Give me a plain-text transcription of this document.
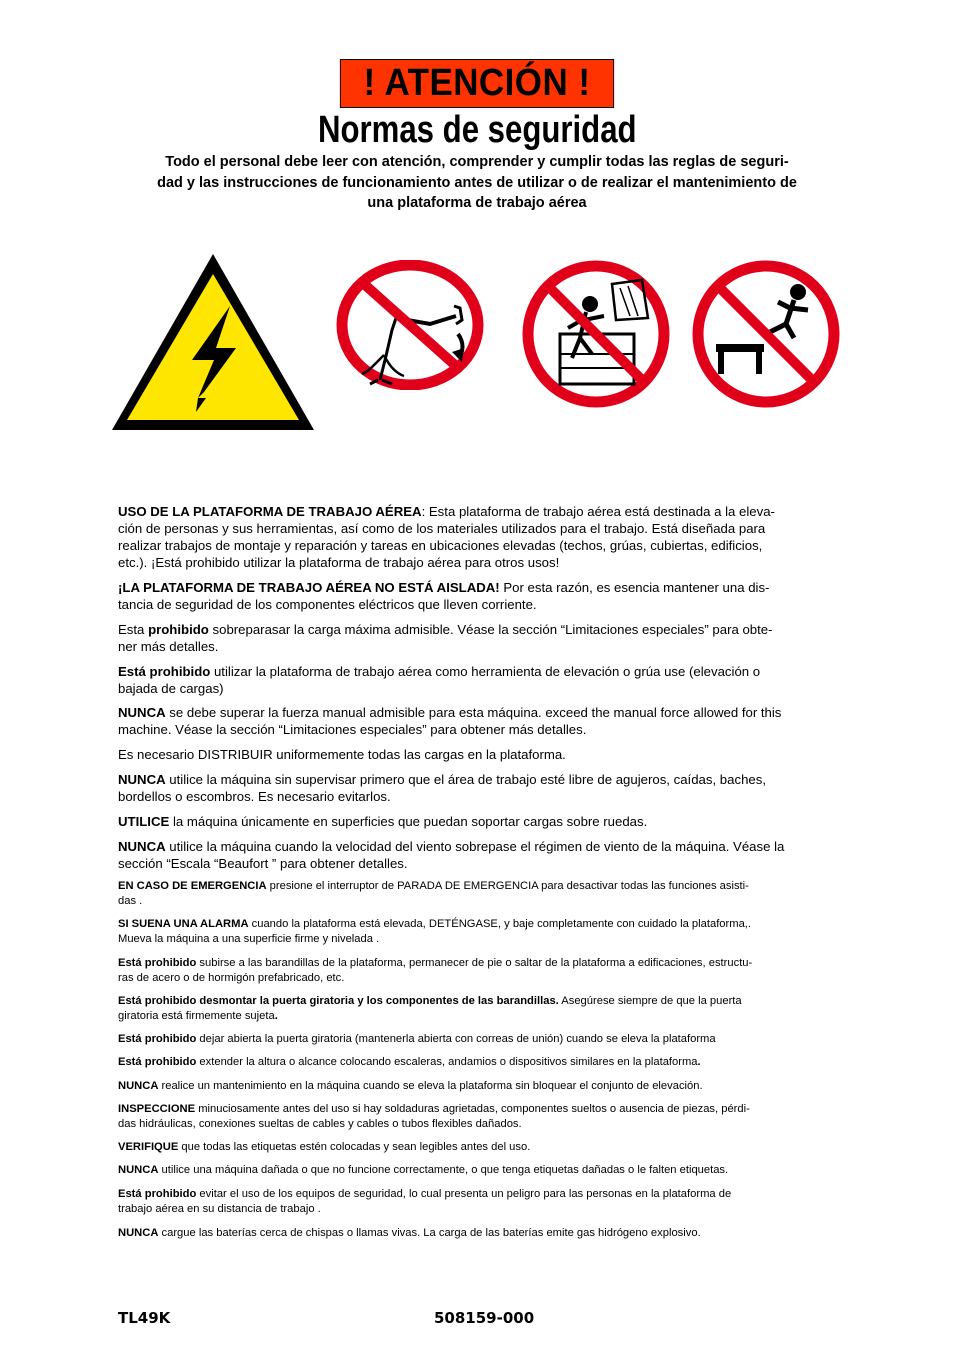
! ATENCIÓN !
Normas de seguridad

Todo el personal debe leer con atención, comprender y cumplir todas las reglas de seguri-

dad y las instrucciones de funcionamiento antes de utilizar o de realizar el mantenimiento de

una plataforma de trabajo aérea

USO DE LA PLATAFORMA DE TRABAJO AÉREA: Esta plataforma de trabajo aérea está destinada a la eleva-
ción de personas y sus herramientas, así como de los materiales utilizados para el trabajo. Está diseñada para
realizar trabajos de montaje y reparación y tareas en ubicaciones elevadas (techos, grúas, cubiertas, edificios,
etc.). ¡Está prohibido utilizar la plataforma de trabajo aérea para otros usos!
¡LA PLATAFORMA DE TRABAJO AÉREA NO ESTÁ AISLADA! Por esta razón, es esencia mantener una dis-
tancia de seguridad de los componentes eléctricos que lleven corriente.
Esta prohibido sobreparasar la carga máxima admisible. Véase la sección “Limitaciones especiales” para obte-
ner más detalles.
Está prohibido utilizar la plataforma de trabajo aérea como herramienta de elevación o grúa use (elevación o
bajada de cargas)
NUNCA se debe superar la fuerza manual admisible para esta máquina. exceed the manual force allowed for this
machine. Véase la sección “Limitaciones especiales” para obtener más detalles.
Es necesario DISTRIBUIR uniformemente todas las cargas en la plataforma.
NUNCA utilice la máquina sin supervisar primero que el área de trabajo esté libre de agujeros, caídas, baches,
bordellos o escombros. Es necesario evitarlos.
UTILICE la máquina únicamente en superficies que puedan soportar cargas sobre ruedas.
NUNCA utilice la máquina cuando la velocidad del viento sobrepase el régimen de viento de la máquina. Véase la
sección “Escala “Beaufort ” para obtener detalles.
EN CASO DE EMERGENCIA presione el interruptor de PARADA DE EMERGENCIA para desactivar todas las funciones asisti-
das .
SI SUENA UNA ALARMA cuando la plataforma está elevada, DETÉNGASE, y baje completamente con cuidado la plataforma,.
Mueva la máquina a una superficie firme y nivelada .
Está prohibido subirse a las barandillas de la plataforma, permanecer de pie o saltar de la plataforma a edificaciones, estructu-
ras de acero o de hormigón prefabricado, etc.
Está prohibido desmontar la puerta giratoria y los componentes de las barandillas. Asegúrese siempre de que la puerta
giratoria está firmemente sujeta.
Está prohibido dejar abierta la puerta giratoria (mantenerla abierta con correas de unión) cuando se eleva la plataforma
Está prohibido extender la altura o alcance colocando escaleras, andamios o dispositivos similares en la plataforma.
NUNCA realice un mantenimiento en la máquina cuando se eleva la plataforma sin bloquear el conjunto de elevación.
INSPECCIONE minuciosamente antes del uso si hay soldaduras agrietadas, componentes sueltos o ausencia de piezas, pérdi-
das hidráulicas, conexiones sueltas de cables y cables o tubos flexibles dañados.
VERIFIQUE que todas las etiquetas estén colocadas y sean legibles antes del uso.
NUNCA utilice una máquina dañada o que no funcione correctamente, o que tenga etiquetas dañadas o le falten etiquetas.
Está prohibido evitar el uso de los equipos de seguridad, lo cual presenta un peligro para las personas en la plataforma de
trabajo aérea en su distancia de trabajo .
NUNCA cargue las baterías cerca de chispas o llamas vivas. La carga de las baterías emite gas hidrógeno explosivo.
TL49K	508159-000
